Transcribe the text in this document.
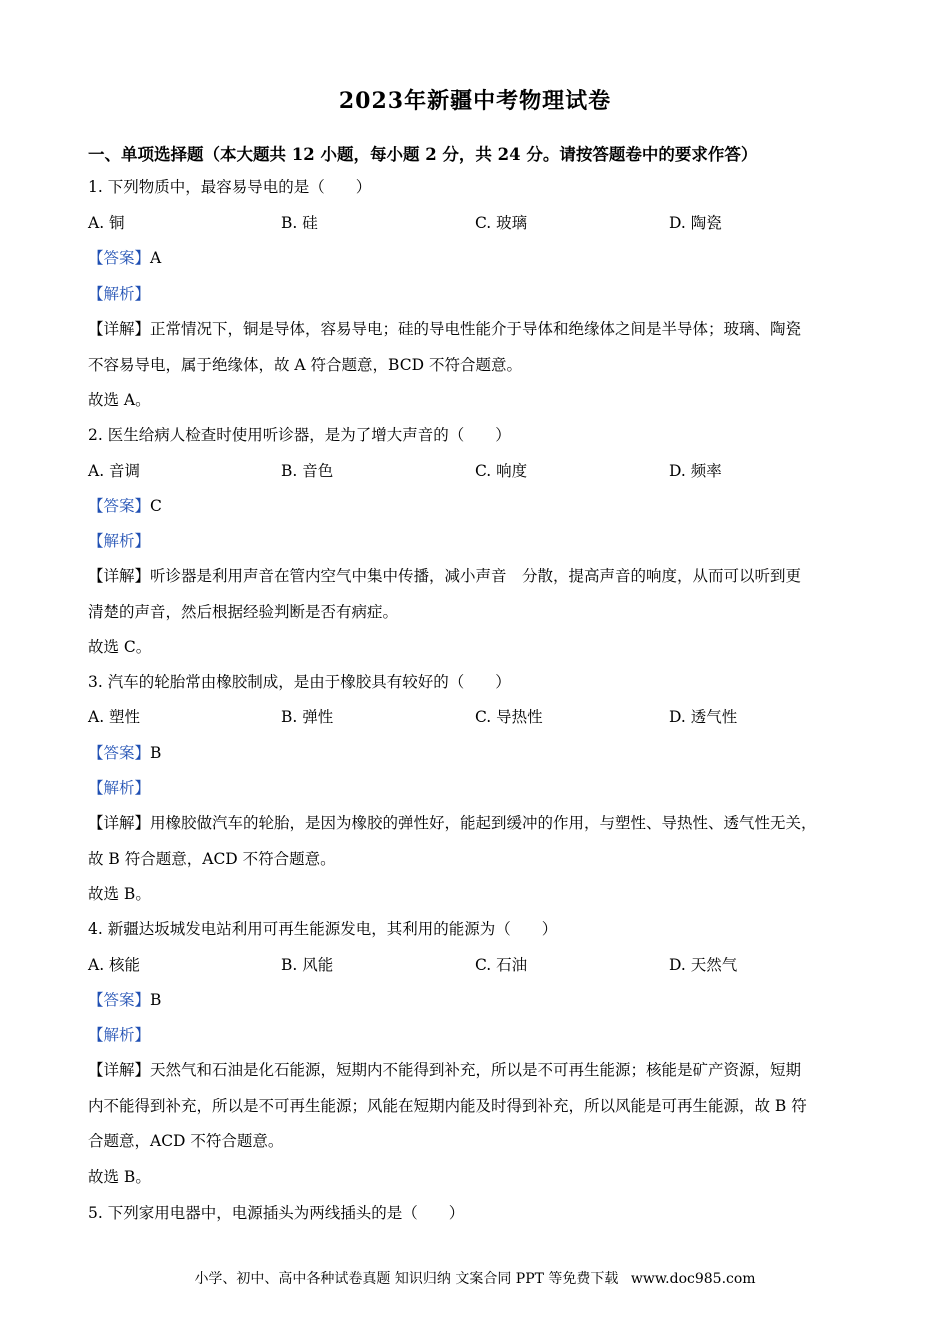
2023年新疆中考物理试卷
一、单项选择题（本大题共 12 小题，每小题 2 分，共 24 分。请按答题卷中的要求作答）
1. 下列物质中，最容易导电的是（　　）
A. 铜	B. 硅	C. 玻璃	D. 陶瓷
【答案】A
【解析】
【详解】正常情况下，铜是导体，容易导电；硅的导电性能介于导体和绝缘体之间是半导体；玻璃、陶瓷
不容易导电，属于绝缘体，故 A 符合题意，BCD 不符合题意。
故选 A。
2. 医生给病人检查时使用听诊器，是为了增大声音的（　　）
A. 音调	B. 音色	C. 响度	D. 频率
【答案】C
【解析】
【详解】听诊器是利用声音在管内空气中集中传播，减小声音　分散，提高声音的响度，从而可以听到更
清楚的声音，然后根据经验判断是否有病症。
故选 C。
3. 汽车的轮胎常由橡胶制成，是由于橡胶具有较好的（　　）
A. 塑性	B. 弹性	C. 导热性	D. 透气性
【答案】B
【解析】
【详解】用橡胶做汽车的轮胎，是因为橡胶的弹性好，能起到缓冲的作用，与塑性、导热性、透气性无关，
故 B 符合题意，ACD 不符合题意。
故选 B。
4. 新疆达坂城发电站利用可再生能源发电，其利用的能源为（　　）
A. 核能	B. 风能	C. 石油	D. 天然气
【答案】B
【解析】
【详解】天然气和石油是化石能源，短期内不能得到补充，所以是不可再生能源；核能是矿产资源，短期
内不能得到补充，所以是不可再生能源；风能在短期内能及时得到补充，所以风能是可再生能源，故 B 符
合题意，ACD 不符合题意。
故选 B。
5. 下列家用电器中，电源插头为两线插头的是（　　）
小学、初中、高中各种试卷真题 知识归纳 文案合同 PPT 等免费下载 www.doc985.com
